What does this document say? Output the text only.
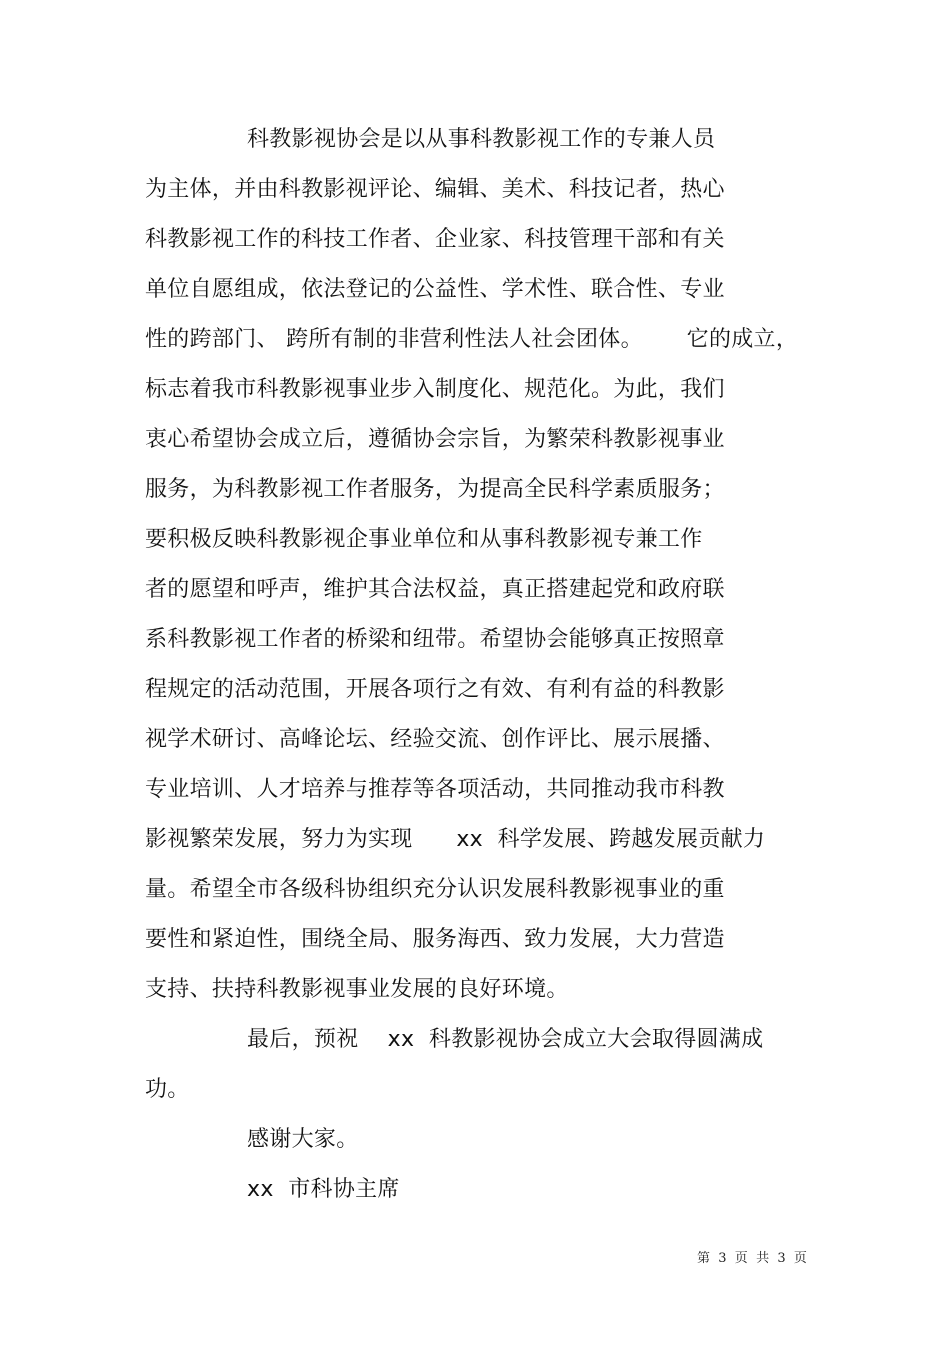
科教影视协会是以从事科教影视工作的专兼人员
为主体，并由科教影视评论、编辑、美术、科技记者，热心
科教影视工作的科技工作者、企业家、科技管理干部和有关
单位自愿组成，依法登记的公益性、学术性、联合性、专业
性的跨部门、 跨所有制的非营利性法人社会团体。      它的成立，
标志着我市科教影视事业步入制度化、规范化。为此，我们
衷心希望协会成立后，遵循协会宗旨，为繁荣科教影视事业
服务，为科教影视工作者服务，为提高全民科学素质服务；
要积极反映科教影视企事业单位和从事科教影视专兼工作
者的愿望和呼声，维护其合法权益，真正搭建起党和政府联
系科教影视工作者的桥梁和纽带。希望协会能够真正按照章
程规定的活动范围，开展各项行之有效、有利有益的科教影
视学术研讨、高峰论坛、经验交流、创作评比、展示展播、
专业培训、人才培养与推荐等各项活动，共同推动我市科教
影视繁荣发展，努力为实现      xx  科学发展、跨越发展贡献力
量。希望全市各级科协组织充分认识发展科教影视事业的重
要性和紧迫性，围绕全局、服务海西、致力发展，大力营造
支持、扶持科教影视事业发展的良好环境。
最后，预祝    xx  科教影视协会成立大会取得圆满成
功。
感谢大家。
xx  市科协主席
第  3  页  共  3  页
